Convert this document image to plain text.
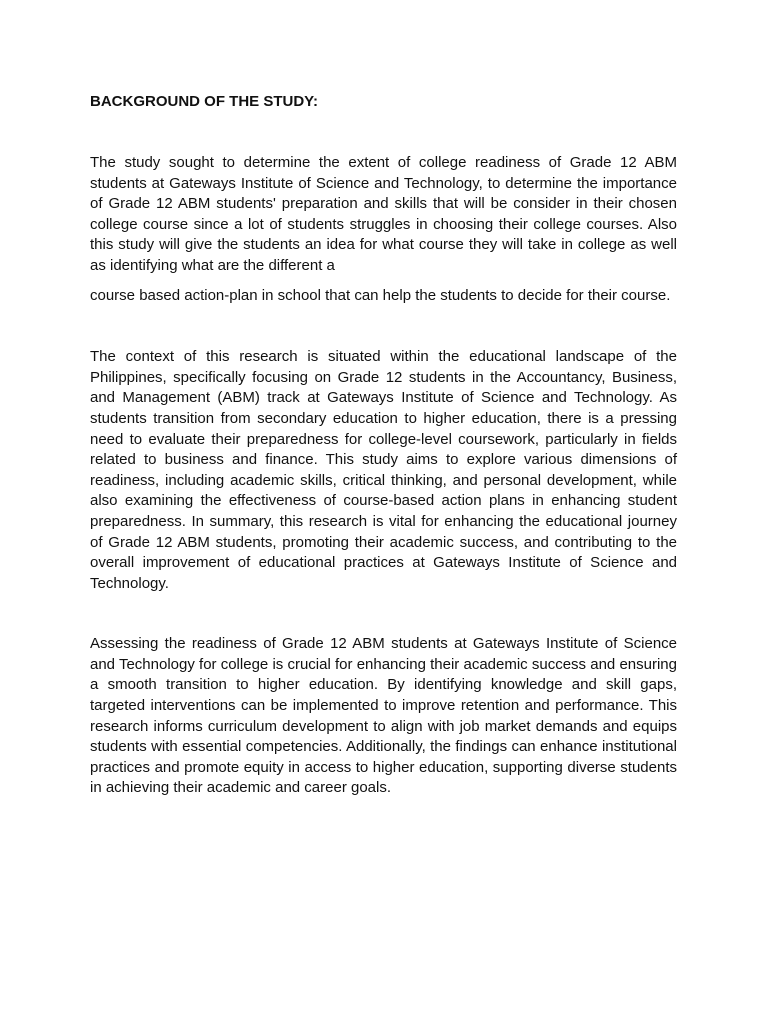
BACKGROUND OF THE STUDY:

The study sought to determine the extent of college readiness of Grade 12 ABM students at Gateways Institute of Science and Technology, to determine the importance of Grade 12 ABM students' preparation and skills that will be consider in their chosen college course since a lot of students struggles in choosing their college courses. Also this study will give the students an idea for what course they will take in college as well as identifying what are the different a

course based action-plan in school that can help the students to decide for their course.

The context of this research is situated within the educational landscape of the Philippines, specifically focusing on Grade 12 students in the Accountancy, Business, and Management (ABM) track at Gateways Institute of Science and Technology. As students transition from secondary education to higher education, there is a pressing need to evaluate their preparedness for college-level coursework, particularly in fields related to business and finance. This study aims to explore various dimensions of readiness, including academic skills, critical thinking, and personal development, while also examining the effectiveness of course-based action plans in enhancing student preparedness. In summary, this research is vital for enhancing the educational journey of Grade 12 ABM students, promoting their academic success, and contributing to the overall improvement of educational practices at Gateways Institute of Science and Technology.

Assessing the readiness of Grade 12 ABM students at Gateways Institute of Science and Technology for college is crucial for enhancing their academic success and ensuring a smooth transition to higher education. By identifying knowledge and skill gaps, targeted interventions can be implemented to improve retention and performance. This research informs curriculum development to align with job market demands and equips students with essential competencies. Additionally, the findings can enhance institutional practices and promote equity in access to higher education, supporting diverse students in achieving their academic and career goals.
